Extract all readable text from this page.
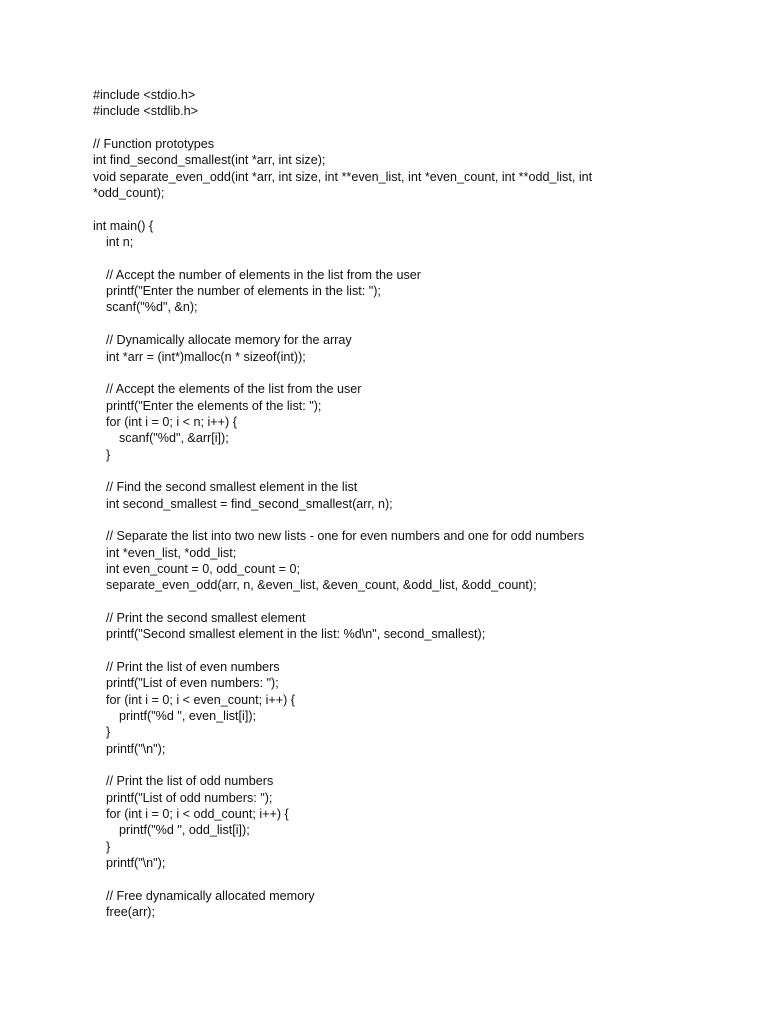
#include <stdio.h>
#include <stdlib.h>
// Function prototypes
int find_second_smallest(int *arr, int size);
void separate_even_odd(int *arr, int size, int **even_list, int *even_count, int **odd_list, int
*odd_count);
int main() {
int n;
// Accept the number of elements in the list from the user
printf("Enter the number of elements in the list: ");
scanf("%d", &n);
// Dynamically allocate memory for the array
int *arr = (int*)malloc(n * sizeof(int));
// Accept the elements of the list from the user
printf("Enter the elements of the list: ");
for (int i = 0; i < n; i++) {
scanf("%d", &arr[i]);
}
// Find the second smallest element in the list
int second_smallest = find_second_smallest(arr, n);
// Separate the list into two new lists - one for even numbers and one for odd numbers
int *even_list, *odd_list;
int even_count = 0, odd_count = 0;
separate_even_odd(arr, n, &even_list, &even_count, &odd_list, &odd_count);
// Print the second smallest element
printf("Second smallest element in the list: %d\n", second_smallest);
// Print the list of even numbers
printf("List of even numbers: ");
for (int i = 0; i < even_count; i++) {
printf("%d ", even_list[i]);
}
printf("\n");
// Print the list of odd numbers
printf("List of odd numbers: ");
for (int i = 0; i < odd_count; i++) {
printf("%d ", odd_list[i]);
}
printf("\n");
// Free dynamically allocated memory
free(arr);
